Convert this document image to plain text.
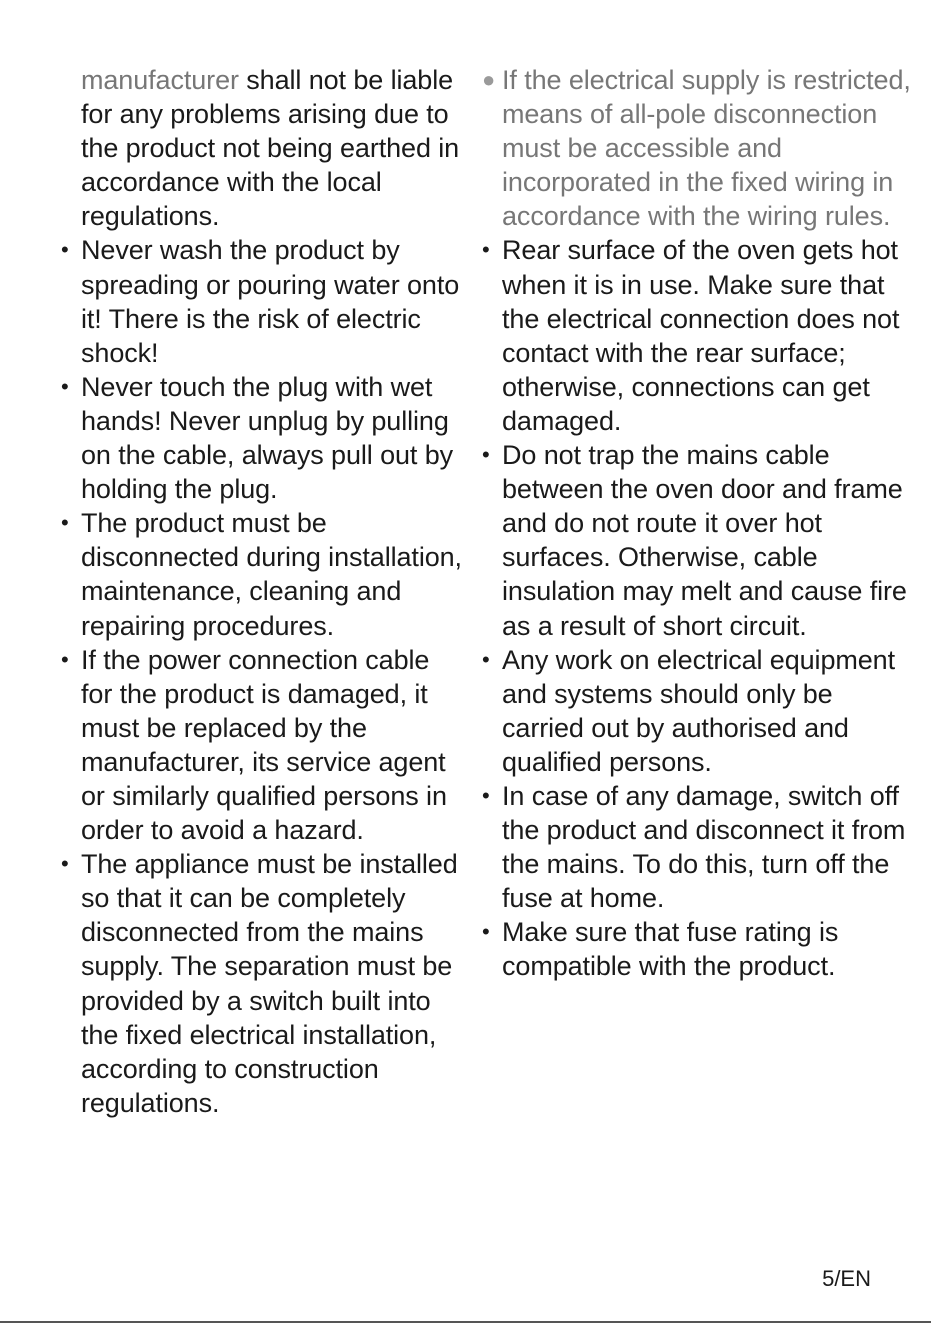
manufacturer shall not be liable for any problems arising due to the product not being earthed in accordance with the local regulations.

• Never wash the product by spreading or pouring water onto it! There is the risk of electric shock!
• Never touch the plug with wet hands! Never unplug by pulling on the cable, always pull out by holding the plug.
• The product must be disconnected during installation, maintenance, cleaning and repairing procedures.
• If the power connection cable for the product is damaged, it must be replaced by the manufacturer, its service agent or similarly qualified persons in order to avoid a hazard.
• The appliance must be installed so that it can be completely disconnected from the mains supply. The separation must be provided by a switch built into the fixed electrical installation, according to construction regulations.
● If the electrical supply is restricted, means of all-pole disconnection must be accessible and incorporated in the fixed wiring in accordance with the wiring rules.
• Rear surface of the oven gets hot when it is in use. Make sure that the electrical connection does not contact with the rear surface; otherwise, connections can get damaged.
• Do not trap the mains cable between the oven door and frame and do not route it over hot surfaces. Otherwise, cable insulation may melt and cause fire as a result of short circuit.
• Any work on electrical equipment and systems should only be carried out by authorised and qualified persons.
• In case of any damage, switch off the product and disconnect it from the mains. To do this, turn off the fuse at home.
• Make sure that fuse rating is compatible with the product.
5/EN
